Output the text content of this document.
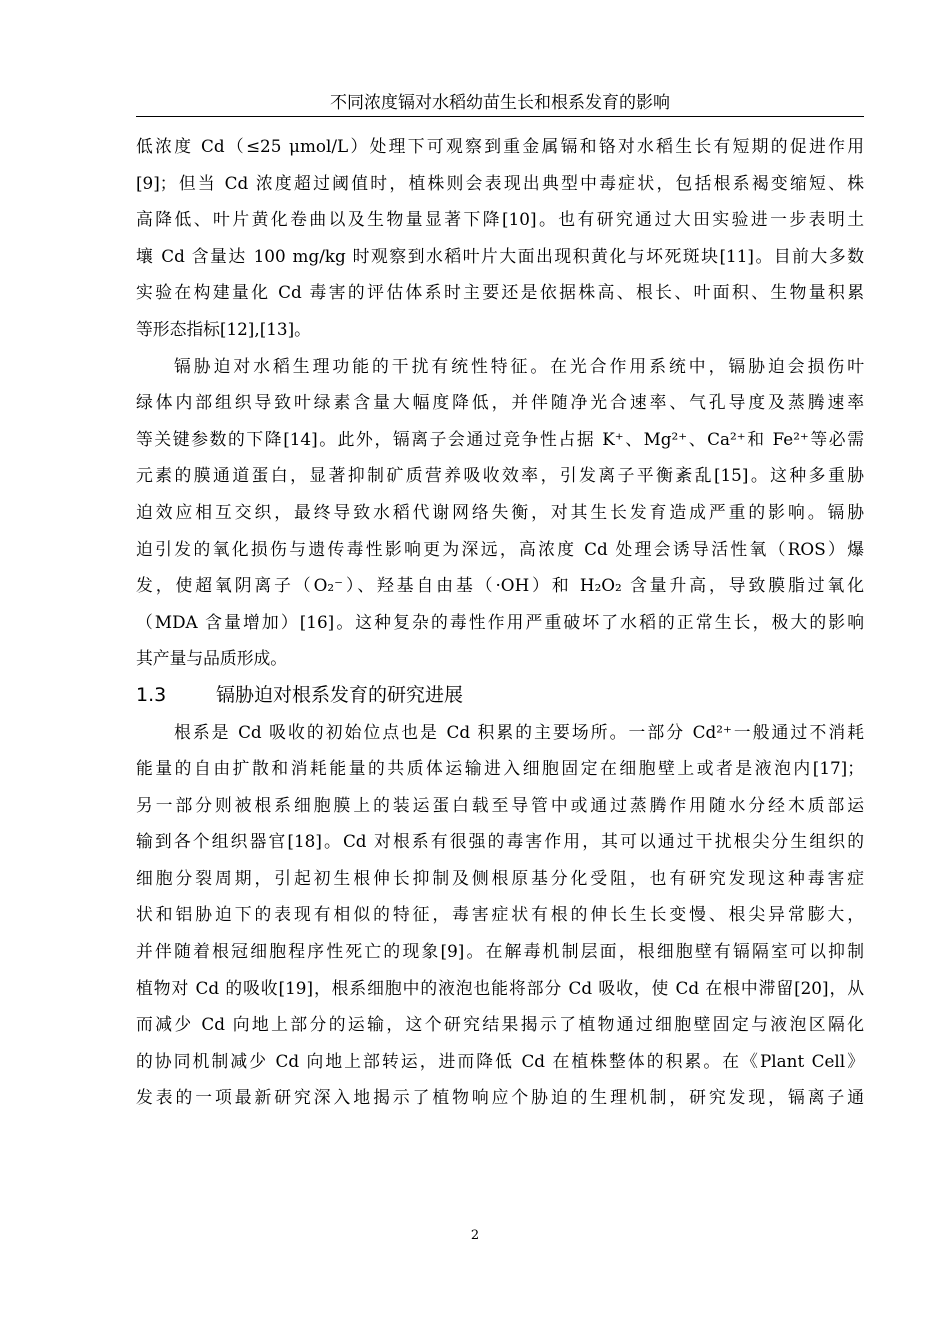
不同浓度镉对水稻幼苗生长和根系发育的影响
低浓度 Cd（≤25 μmol/L）处理下可观察到重金属镉和铬对水稻生长有短期的促进作用
[9]；但当 Cd 浓度超过阈值时，植株则会表现出典型中毒症状，包括根系褐变缩短、株
高降低、叶片黄化卷曲以及生物量显著下降[10]。也有研究通过大田实验进一步表明土
壤 Cd 含量达 100 mg/kg 时观察到水稻叶片大面出现积黄化与坏死斑块[11]。目前大多数
实验在构建量化 Cd 毒害的评估体系时主要还是依据株高、根长、叶面积、生物量积累
等形态指标[12],[13]。
镉胁迫对水稻生理功能的干扰有统性特征。在光合作用系统中，镉胁迫会损伤叶
绿体内部组织导致叶绿素含量大幅度降低，并伴随净光合速率、气孔导度及蒸腾速率
等关键参数的下降[14]。此外，镉离子会通过竞争性占据 K⁺、Mg²⁺、Ca²⁺和 Fe²⁺等必需
元素的膜通道蛋白，显著抑制矿质营养吸收效率，引发离子平衡紊乱[15]。这种多重胁
迫效应相互交织，最终导致水稻代谢网络失衡，对其生长发育造成严重的影响。镉胁
迫引发的氧化损伤与遗传毒性影响更为深远，高浓度 Cd 处理会诱导活性氧（ROS）爆
发，使超氧阴离子（O₂⁻）、羟基自由基（·OH）和 H₂O₂ 含量升高，导致膜脂过氧化
（MDA 含量增加）[16]。这种复杂的毒性作用严重破坏了水稻的正常生长，极大的影响
其产量与品质形成。
1.3	镉胁迫对根系发育的研究进展
根系是 Cd 吸收的初始位点也是 Cd 积累的主要场所。一部分 Cd²⁺一般通过不消耗
能量的自由扩散和消耗能量的共质体运输进入细胞固定在细胞壁上或者是液泡内[17]；
另一部分则被根系细胞膜上的装运蛋白载至导管中或通过蒸腾作用随水分经木质部运
输到各个组织器官[18]。Cd 对根系有很强的毒害作用，其可以通过干扰根尖分生组织的
细胞分裂周期，引起初生根伸长抑制及侧根原基分化受阻，也有研究发现这种毒害症
状和铝胁迫下的表现有相似的特征，毒害症状有根的伸长生长变慢、根尖异常膨大，
并伴随着根冠细胞程序性死亡的现象[9]。在解毒机制层面，根细胞壁有镉隔室可以抑制
植物对 Cd 的吸收[19]，根系细胞中的液泡也能将部分 Cd 吸收，使 Cd 在根中滞留[20]，从
而减少 Cd 向地上部分的运输，这个研究结果揭示了植物通过细胞壁固定与液泡区隔化
的协同机制减少 Cd 向地上部转运，进而降低 Cd 在植株整体的积累。在《Plant Cell》
发表的一项最新研究深入地揭示了植物响应个胁迫的生理机制，研究发现，镉离子通
2
